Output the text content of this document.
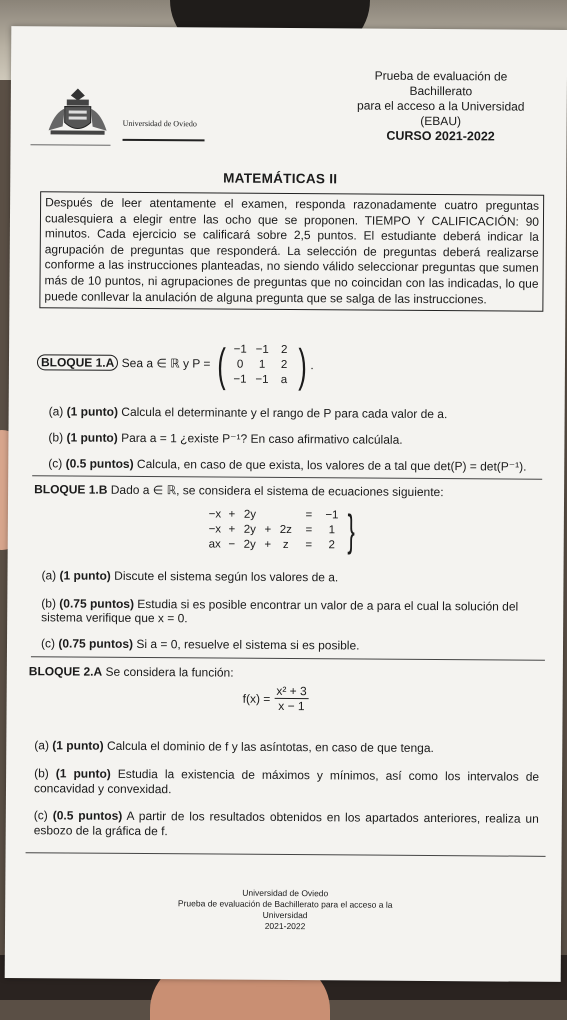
Universidad de Oviedo
Prueba de evaluación de
Bachillerato
para el acceso a la Universidad
(EBAU)
CURSO 2021-2022
MATEMÁTICAS II
Después de leer atentamente el examen, responda razonadamente cuatro preguntas cualesquiera a elegir entre las ocho que se proponen. TIEMPO Y CALIFICACIÓN: 90 minutos. Cada ejercicio se calificará sobre 2,5 puntos. El estudiante deberá indicar la agrupación de preguntas que responderá. La selección de preguntas deberá realizarse conforme a las instrucciones planteadas, no siendo válido seleccionar preguntas que sumen más de 10 puntos, ni agrupaciones de preguntas que no coincidan con las indicadas, lo que puede conllevar la anulación de alguna pregunta que se salga de las instrucciones.
BLOQUE 1.A Sea a ∈ ℝ y P = ( −1 −1	2
0	1	2
−1 −1	a ) .
(a) (1 punto) Calcula el determinante y el rango de P para cada valor de a.
(b) (1 punto) Para a = 1 ¿existe P⁻¹? En caso afirmativo calcúlala.
(c) (0.5 puntos) Calcula, en caso de que exista, los valores de a tal que det(P) = det(P⁻¹).
BLOQUE 1.B Dado a ∈ ℝ, se considera el sistema de ecuaciones siguiente:
−x + 2y	=	−1
−x + 2y + 2z	=	1
ax − 2y +	z	=	2 }
(a) (1 punto) Discute el sistema según los valores de a.
(b) (0.75 puntos) Estudia si es posible encontrar un valor de a para el cual la solución del sistema verifique que x = 0.
(c) (0.75 puntos) Si a = 0, resuelve el sistema si es posible.
BLOQUE 2.A Se considera la función:
$f(x) = \frac{\text{x² + 3}}{x - 1}$
(a) (1 punto) Calcula el dominio de f y las asíntotas, en caso de que tenga.
(b) (1 punto) Estudia la existencia de máximos y mínimos, así como los intervalos de concavidad y convexidad.
(c) (0.5 puntos) A partir de los resultados obtenidos en los apartados anteriores, realiza un esbozo de la gráfica de f.
Universidad de Oviedo
Prueba de evaluación de Bachillerato para el acceso a la Universidad
2021-2022
